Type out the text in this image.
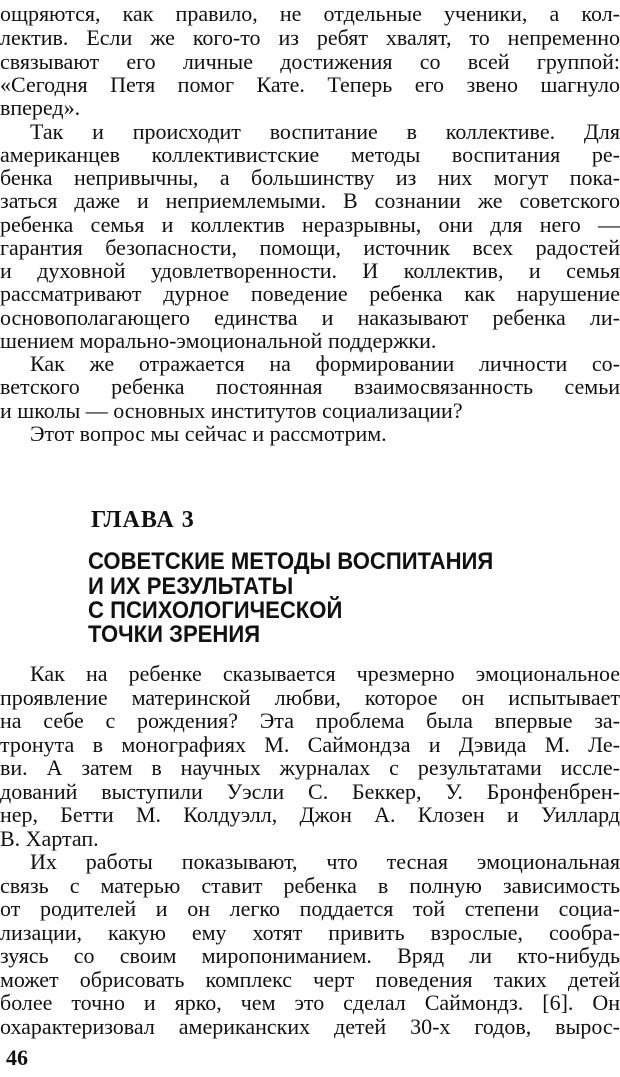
ощряются, как правило, не отдельные ученики, а кол-
лектив. Если же кого-то из ребят хвалят, то непременно
связывают его личные достижения со всей группой:
«Сегодня Петя помог Кате. Теперь его звено шагнуло
вперед».
Так и происходит воспитание в коллективе. Для
американцев коллективистские методы воспитания ре-
бенка непривычны, а большинству из них могут пока-
заться даже и неприемлемыми. В сознании же советского
ребенка семья и коллектив неразрывны, они для него —
гарантия безопасности, помощи, источник всех радостей
и духовной удовлетворенности. И коллектив, и семья
рассматривают дурное поведение ребенка как нарушение
основополагающего единства и наказывают ребенка ли-
шением морально-эмоциональной поддержки.
Как же отражается на формировании личности со-
ветского ребенка постоянная взаимосвязанность семьи
и школы — основных институтов социализации?
Этот вопрос мы сейчас и рассмотрим.
ГЛАВА 3
СОВЕТСКИЕ МЕТОДЫ ВОСПИТАНИЯ
И ИХ РЕЗУЛЬТАТЫ
С ПСИХОЛОГИЧЕСКОЙ
ТОЧКИ ЗРЕНИЯ
Как на ребенке сказывается чрезмерно эмоциональное
проявление материнской любви, которое он испытывает
на себе с рождения? Эта проблема была впервые за-
тронута в монографиях М. Саймондза и Дэвида М. Ле-
ви. А затем в научных журналах с результатами иссле-
дований выступили Уэсли С. Беккер, У. Бронфенбрен-
нер, Бетти М. Колдуэлл, Джон А. Клозен и Уиллард
В. Хартап.
Их работы показывают, что тесная эмоциональная
связь с матерью ставит ребенка в полную зависимость
от родителей и он легко поддается той степени социа-
лизации, какую ему хотят привить взрослые, сообра-
зуясь со своим миропониманием. Вряд ли кто-нибудь
может обрисовать комплекс черт поведения таких детей
более точно и ярко, чем это сделал Саймондз. [6]. Он
охарактеризовал американских детей 30-х годов, вырос-
46
